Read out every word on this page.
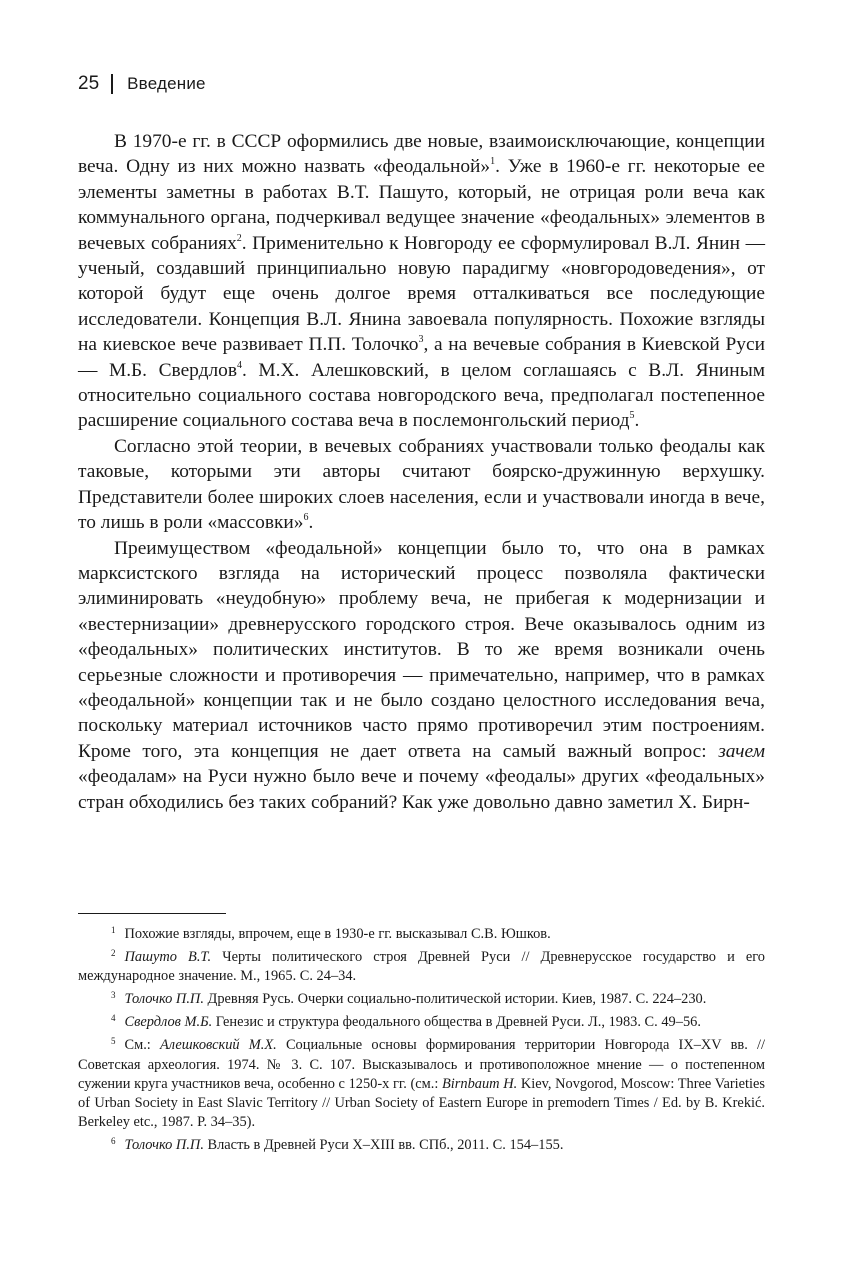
25 Введение

В 1970-е гг. в СССР оформились две новые, взаимоисключающие, концепции веча. Одну из них можно назвать «феодальной»$^1$. Уже в 1960-е гг. некоторые ее элементы заметны в работах В.Т. Пашуто, который, не отрицая роли веча как коммунального органа, подчеркивал ведущее значение «феодальных» элементов в вечевых собраниях$^2$. Применительно к Новгороду ее сформулировал В.Л. Янин — ученый, создавший принципиально новую парадигму «новгородоведения», от которой будут еще очень долгое время отталкиваться все последующие исследователи. Концепция В.Л. Янина завоевала популярность. Похожие взгляды на киевское вече развивает П.П. Толочко$^3$, а на вечевые собрания в Киевской Руси — М.Б. Свердлов$^4$. М.Х. Алешковский, в целом соглашаясь с В.Л. Яниным относительно социального состава новгородского веча, предполагал постепенное расширение социального состава веча в послемонгольский период$^5$.

Согласно этой теории, в вечевых собраниях участвовали только феодалы как таковые, которыми эти авторы считают боярско-дружинную верхушку. Представители более широких слоев населения, если и участвовали иногда в вече, то лишь в роли «массовки»$^6$.

Преимуществом «феодальной» концепции было то, что она в рамках марксистского взгляда на исторический процесс позволяла фактически элиминировать «неудобную» проблему веча, не прибегая к модернизации и «вестернизации» древнерусского городского строя. Вече оказывалось одним из «феодальных» политических институтов. В то же время возникали очень серьезные сложности и противоречия — примечательно, например, что в рамках «феодальной» концепции так и не было создано целостного исследования веча, поскольку материал источников часто прямо противоречил этим построениям. Кроме того, эта концепция не дает ответа на самый важный вопрос: зачем «феодалам» на Руси нужно было вече и почему «феодалы» других «феодальных» стран обходились без таких собраний? Как уже довольно давно заметил Х. Бирн-

$^1$ Похожие взгляды, впрочем, еще в 1930-е гг. высказывал С.В. Юшков.

$^2$ Пашуто В.Т. Черты политического строя Древней Руси // Древнерусское государство и его международное значение. М., 1965. С. 24–34.

$^3$ Толочко П.П. Древняя Русь. Очерки социально-политической истории. Киев, 1987. С. 224–230.

$^4$ Свердлов М.Б. Генезис и структура феодального общества в Древней Руси. Л., 1983. С. 49–56.

$^5$ См.: Алешковский М.Х. Социальные основы формирования территории Новгорода IX–XV вв. // Советская археология. 1974. № 3. С. 107. Высказывалось и противоположное мнение — о постепенном сужении круга участников веча, особенно с 1250-х гг. (см.: Birnbaum H. Kiev, Novgorod, Moscow: Three Varieties of Urban Society in East Slavic Territory // Urban Society of Eastern Europe in premodern Times / Ed. by B. Krekić. Berkeley etc., 1987. P. 34–35).

$^6$ Толочко П.П. Власть в Древней Руси X–XIII вв. СПб., 2011. С. 154–155.
